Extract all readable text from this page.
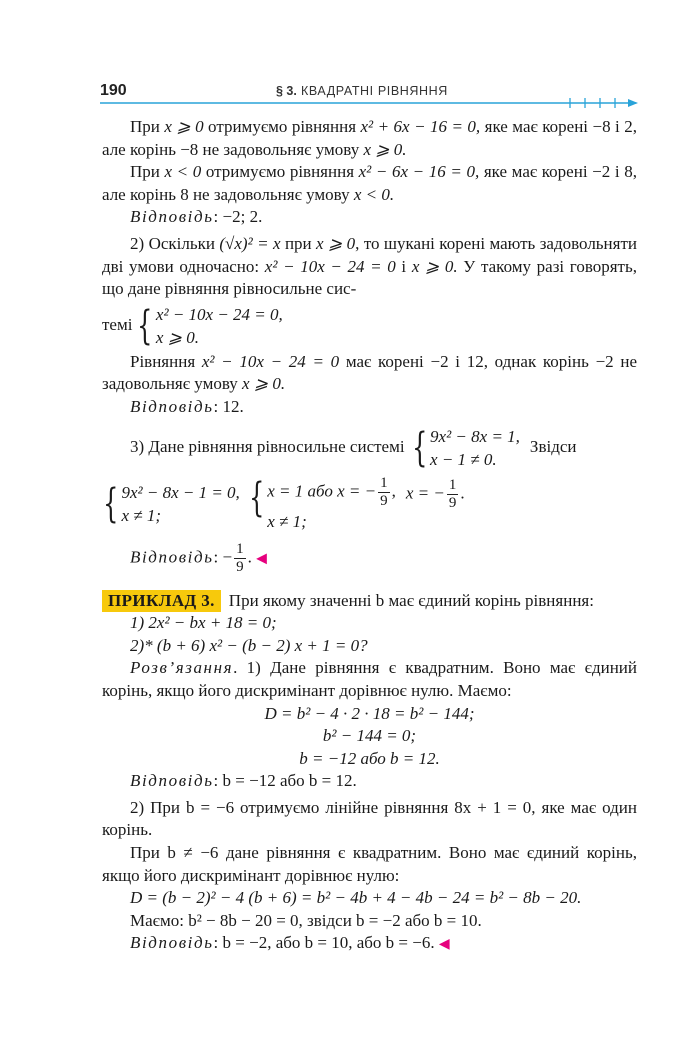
190	§ 3. КВАДРАТНІ РІВНЯННЯ

При x ⩾ 0 отримуємо рівняння x² + 6x − 16 = 0, яке має корені −8 і 2, але корінь −8 не задовольняє умову x ⩾ 0.

При x < 0 отримуємо рівняння x² − 6x − 16 = 0, яке має корені −2 і 8, але корінь 8 не задовольняє умову x < 0.

Відповідь: −2; 2.

2) Оскільки (√x)² = x при x ⩾ 0, то шукані корені мають задовольняти дві умови одночасно: x² − 10x − 24 = 0 і x ⩾ 0. У такому разі говорять, що дане рівняння рівносильне сис-

темі { x² − 10x − 24 = 0,
x ⩾ 0.

Рівняння x² − 10x − 24 = 0 має корені −2 і 12, однак корінь −2 не задовольняє умову x ⩾ 0.

Відповідь: 12.

3) Дане рівняння рівносильне системі { 9x² − 8x = 1,
x − 1 ≠ 0.
Звідси
{ 9x² − 8x − 1 = 0,
x ≠ 1;	{ x = 1 або x = − $\frac{1}{9}$ ,
x ≠ 1;
x = − $\frac{1}{9}$ .

Відповідь: − $\frac{1}{9}$ . ◀

ПРИКЛАД 3. При якому значенні b має єдиний корінь рівняння:

1) 2x² − bx + 18 = 0;

2)* (b + 6) x² − (b − 2) x + 1 = 0?

Розв’язання. 1) Дане рівняння є квадратним. Воно має єдиний корінь, якщо його дискримінант дорівнює нулю. Маємо:

D = b² − 4 · 2 · 18 = b² − 144;

b² − 144 = 0;

b = −12 або b = 12.

Відповідь: b = −12 або b = 12.

2) При b = −6 отримуємо лінійне рівняння 8x + 1 = 0, яке має один корінь.

При b ≠ −6 дане рівняння є квадратним. Воно має єдиний корінь, якщо його дискримінант дорівнює нулю:

D = (b − 2)² − 4 (b + 6) = b² − 4b + 4 − 4b − 24 = b² − 8b − 20.

Маємо: b² − 8b − 20 = 0, звідси b = −2 або b = 10.

Відповідь: b = −2, або b = 10, або b = −6. ◀
